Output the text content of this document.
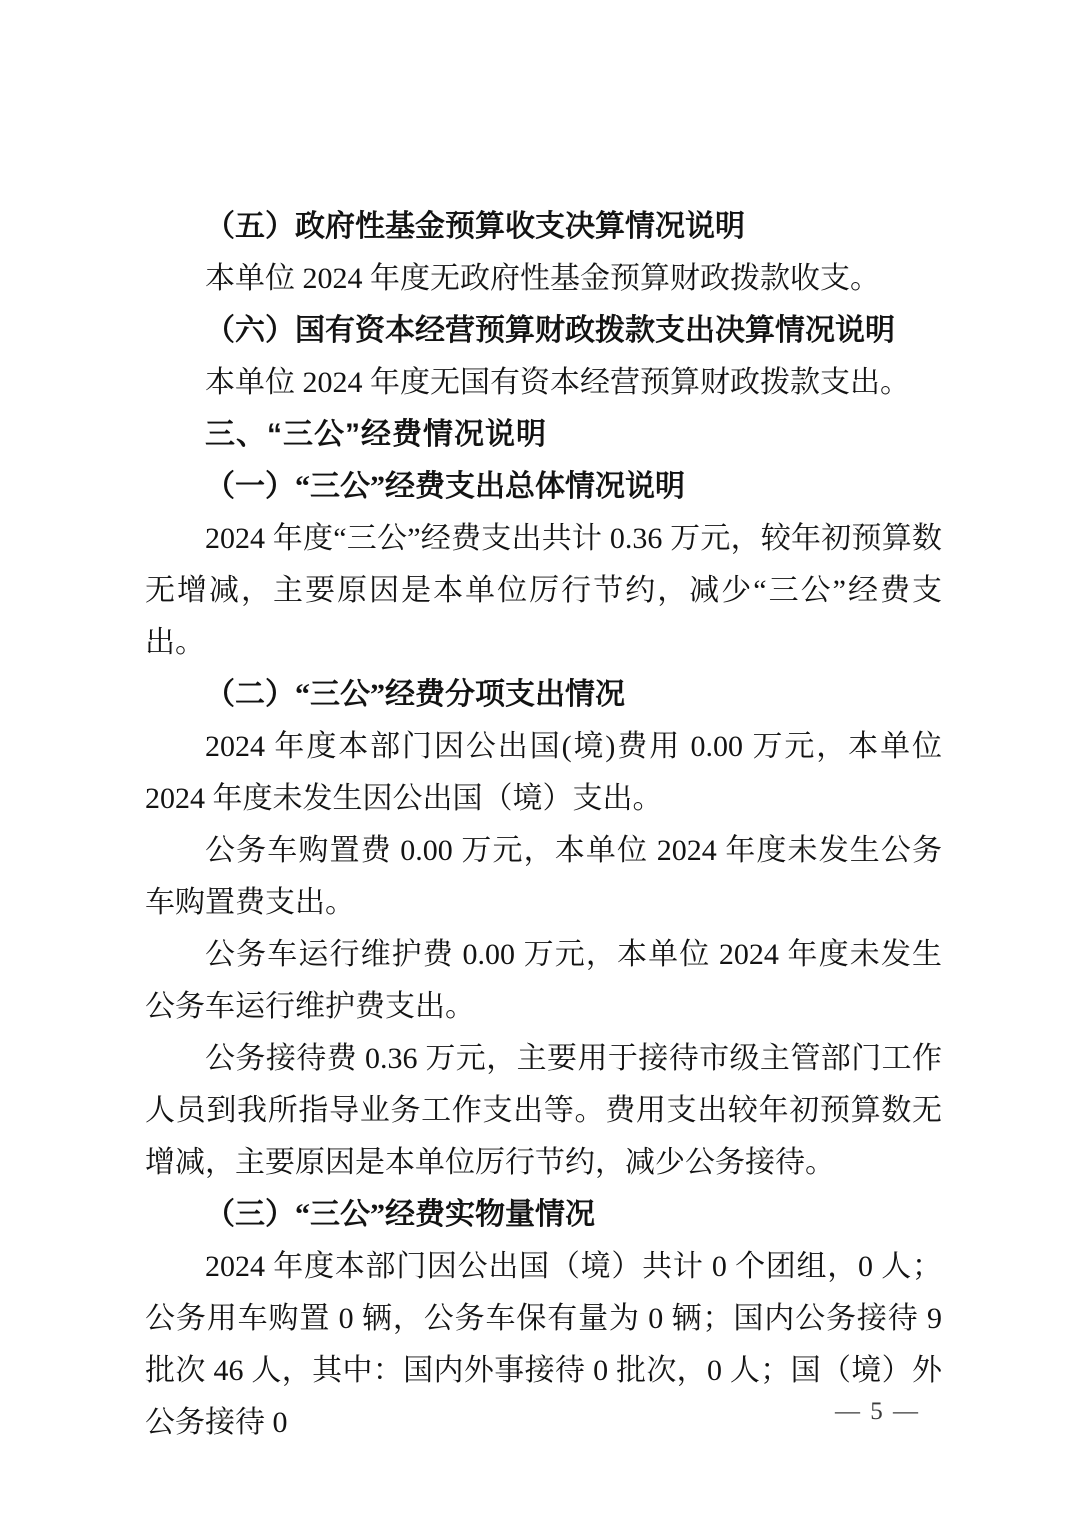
（五）政府性基金预算收支决算情况说明

本单位 2024 年度无政府性基金预算财政拨款收支。

（六）国有资本经营预算财政拨款支出决算情况说明

本单位 2024 年度无国有资本经营预算财政拨款支出。

三、“三公”经费情况说明
（一）“三公”经费支出总体情况说明

2024 年度“三公”经费支出共计 0.36 万元，较年初预算数无增减，主要原因是本单位厉行节约，减少“三公”经费支出。

（二）“三公”经费分项支出情况

2024 年度本部门因公出国(境)费用 0.00 万元，本单位 2024 年度未发生因公出国（境）支出。

公务车购置费 0.00 万元，本单位 2024 年度未发生公务车购置费支出。

公务车运行维护费 0.00 万元，本单位 2024 年度未发生公务车运行维护费支出。

公务接待费 0.36 万元，主要用于接待市级主管部门工作人员到我所指导业务工作支出等。费用支出较年初预算数无增减，主要原因是本单位厉行节约，减少公务接待。

（三）“三公”经费实物量情况

2024 年度本部门因公出国（境）共计 0 个团组，0 人；公务用车购置 0 辆，公务车保有量为 0 辆；国内公务接待 9 批次 46 人，其中：国内外事接待 0 批次，0 人；国（境）外公务接待 0	— 5 —
